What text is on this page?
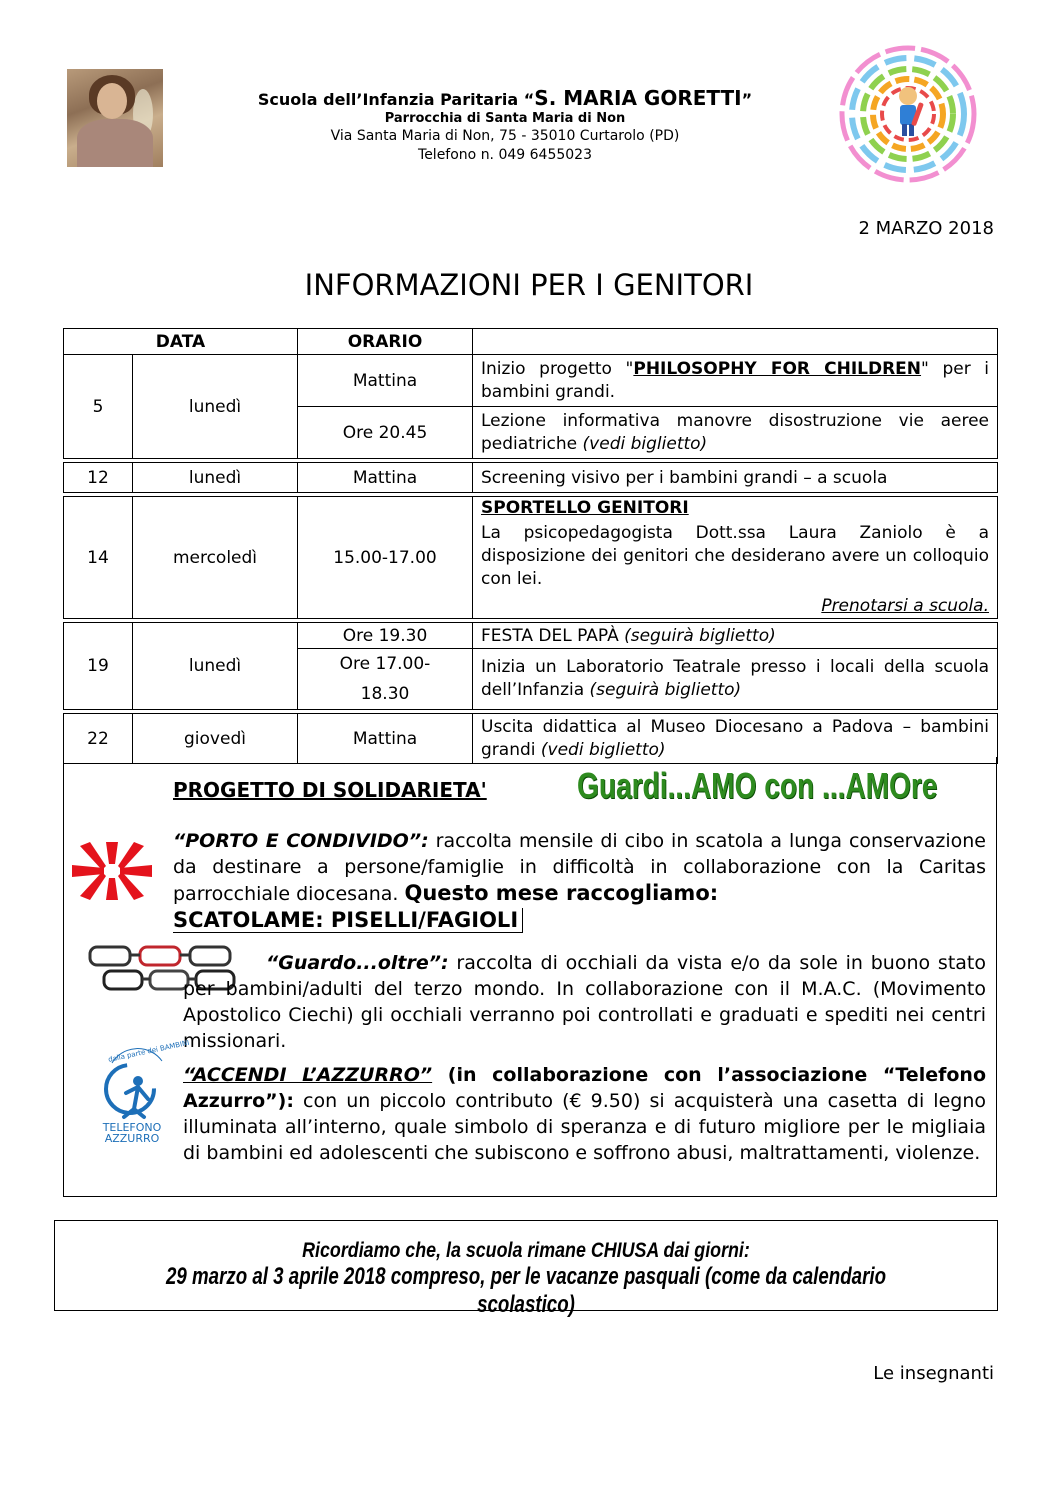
Scuola dell’Infanzia Paritaria “S. MARIA GORETTI”
Parrocchia di Santa Maria di Non
Via Santa Maria di Non, 75 - 35010 Curtarolo (PD)
Telefono n. 049 6455023
2 MARZO 2018
INFORMAZIONI PER I GENITORI
DATA		ORARIO	
5	lunedì	Mattina	Inizio progetto "PHILOSOPHY FOR CHILDREN" per i bambini grandi.
		Ore 20.45	Lezione informativa manovre disostruzione vie aeree pediatriche (vedi biglietto)

12	lunedì	Mattina	Screening visivo per i bambini grandi – a scuola

14	mercoledì	15.00-17.00	SPORTELLO GENITORI
La psicopedagogista Dott.ssa Laura Zaniolo è a disposizione dei genitori che desiderano avere un colloquio con lei.
Prenotarsi a scuola.

19	lunedì	Ore 19.30	FESTA DEL PAPÀ (seguirà biglietto)
		Ore 17.00-18.30	Inizia un Laboratorio Teatrale presso i locali della scuola dell’Infanzia (seguirà biglietto)

22	giovedì	Mattina	Uscita didattica al Museo Diocesano a Padova – bambini grandi (vedi biglietto)
PROGETTO DI SOLIDARIETA'	Guardi...AMO con ...AMOre
“PORTO E CONDIVIDO”: raccolta mensile di cibo in scatola a lunga conservazione da destinare a persone/famiglie in difficoltà in collaborazione con la Caritas parrocchiale diocesana. Questo mese raccogliamo:
SCATOLAME: PISELLI/FAGIOLI
“Guardo...oltre”: raccolta di occhiali da vista e/o da sole in buono stato per bambini/adulti del terzo mondo. In collaborazione con il M.A.C. (Movimento Apostolico Ciechi) gli occhiali verranno poi controllati e graduati e spediti nei centri missionari.
dalla parte dei BAMBINI
TELEFONO
AZZURRO
“ACCENDI L’AZZURRO” (in collaborazione con l’associazione “Telefono Azzurro”): con un piccolo contributo (€ 9.50) si acquisterà una casetta di legno illuminata all’interno, quale simbolo di speranza e di futuro migliore per le migliaia di bambini ed adolescenti che subiscono e soffrono abusi, maltrattamenti, violenze.
Ricordiamo che, la scuola rimane CHIUSA dai giorni:
29 marzo al 3 aprile 2018 compreso, per le vacanze pasquali (come da calendario scolastico)
Le insegnanti
